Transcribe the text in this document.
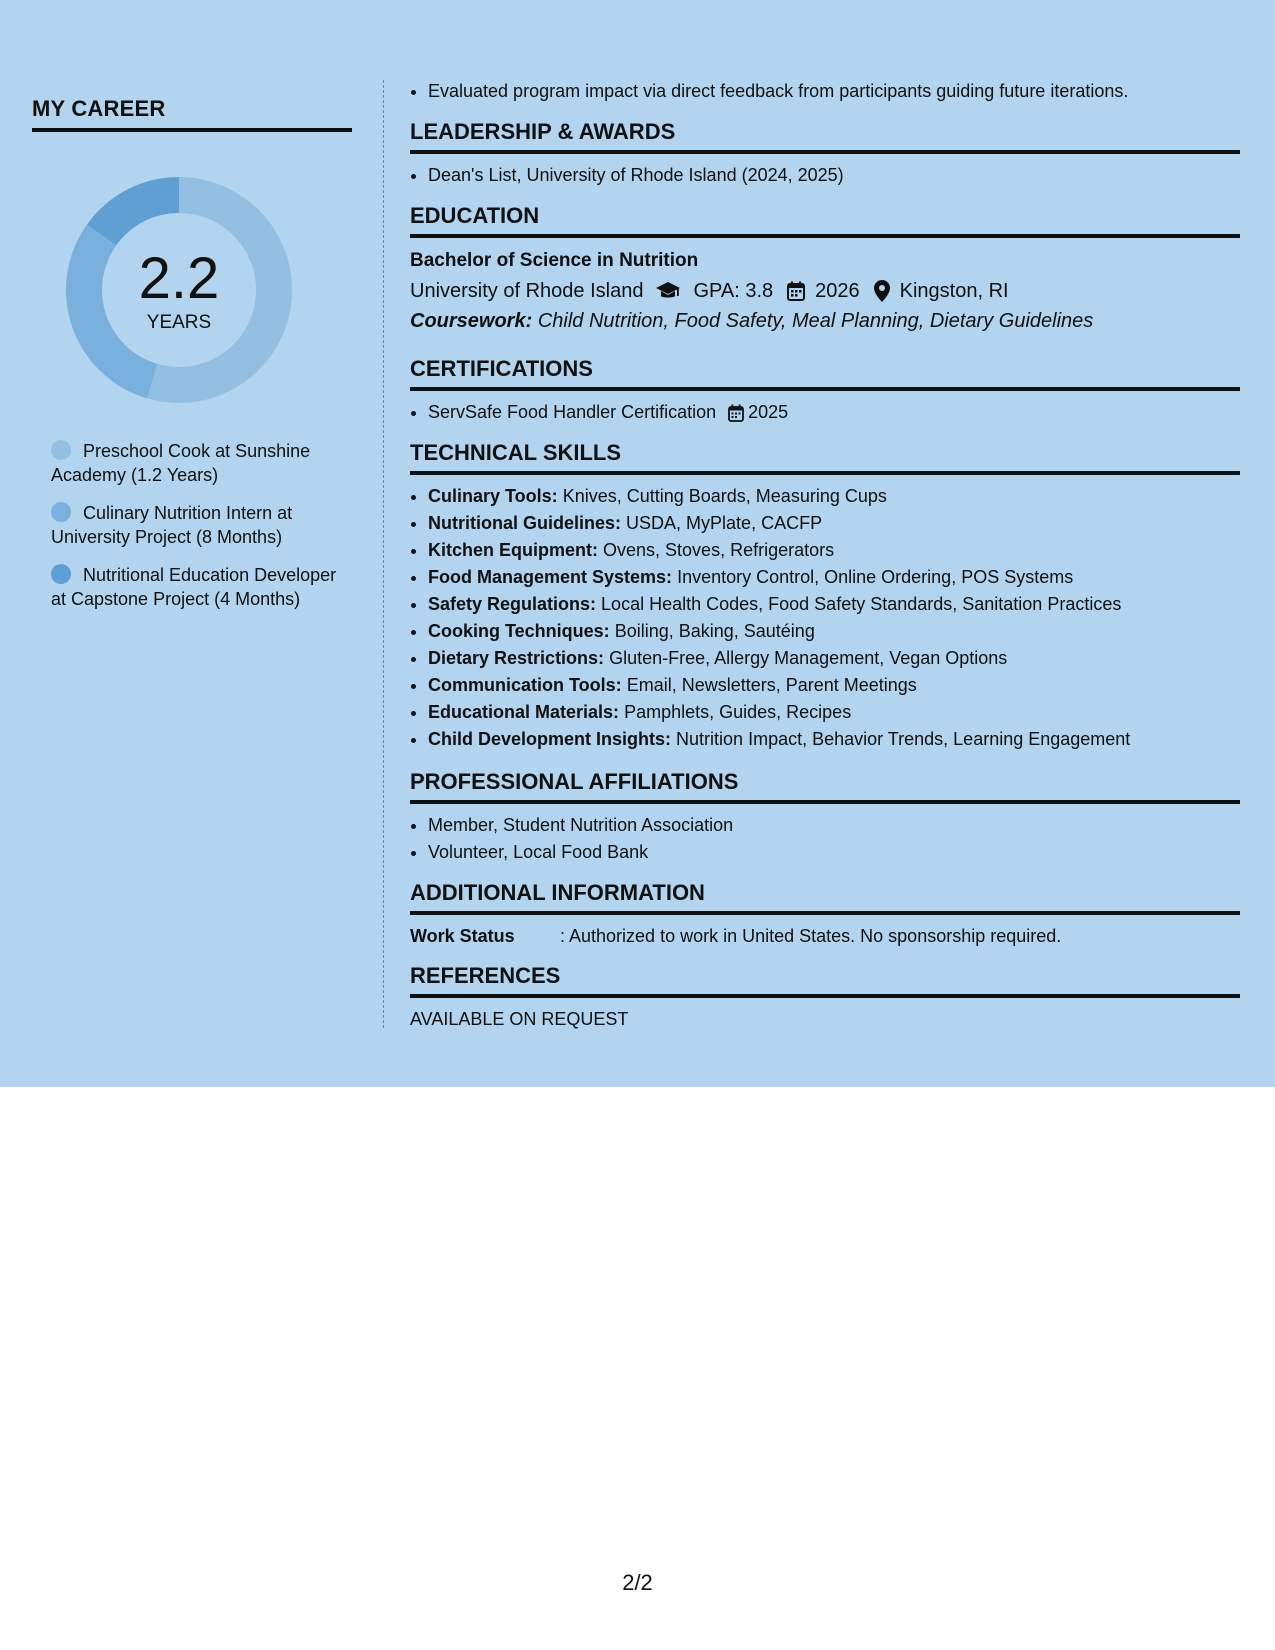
MY CAREER
2.2
YEARS
Preschool Cook at Sunshine Academy (1.2 Years)
Culinary Nutrition Intern at University Project (8 Months)
Nutritional Education Developer at Capstone Project (4 Months)
• Evaluated program impact via direct feedback from participants guiding future iterations.
LEADERSHIP & AWARDS
• Dean's List, University of Rhode Island (2024, 2025)
EDUCATION
Bachelor of Science in Nutrition
University of Rhode Island	GPA: 3.8 2026 Kingston, RI
Coursework: Child Nutrition, Food Safety, Meal Planning, Dietary Guidelines
CERTIFICATIONS
• ServSafe Food Handler Certification 2025
TECHNICAL SKILLS
• Culinary Tools: Knives, Cutting Boards, Measuring Cups
• Nutritional Guidelines: USDA, MyPlate, CACFP
• Kitchen Equipment: Ovens, Stoves, Refrigerators
• Food Management Systems: Inventory Control, Online Ordering, POS Systems
• Safety Regulations: Local Health Codes, Food Safety Standards, Sanitation Practices
• Cooking Techniques: Boiling, Baking, Sautéing
• Dietary Restrictions: Gluten-Free, Allergy Management, Vegan Options
• Communication Tools: Email, Newsletters, Parent Meetings
• Educational Materials: Pamphlets, Guides, Recipes
• Child Development Insights: Nutrition Impact, Behavior Trends, Learning Engagement
PROFESSIONAL AFFILIATIONS
• Member, Student Nutrition Association
• Volunteer, Local Food Bank
ADDITIONAL INFORMATION
Work Status	: Authorized to work in United States. No sponsorship required.
REFERENCES
AVAILABLE ON REQUEST
2/2
